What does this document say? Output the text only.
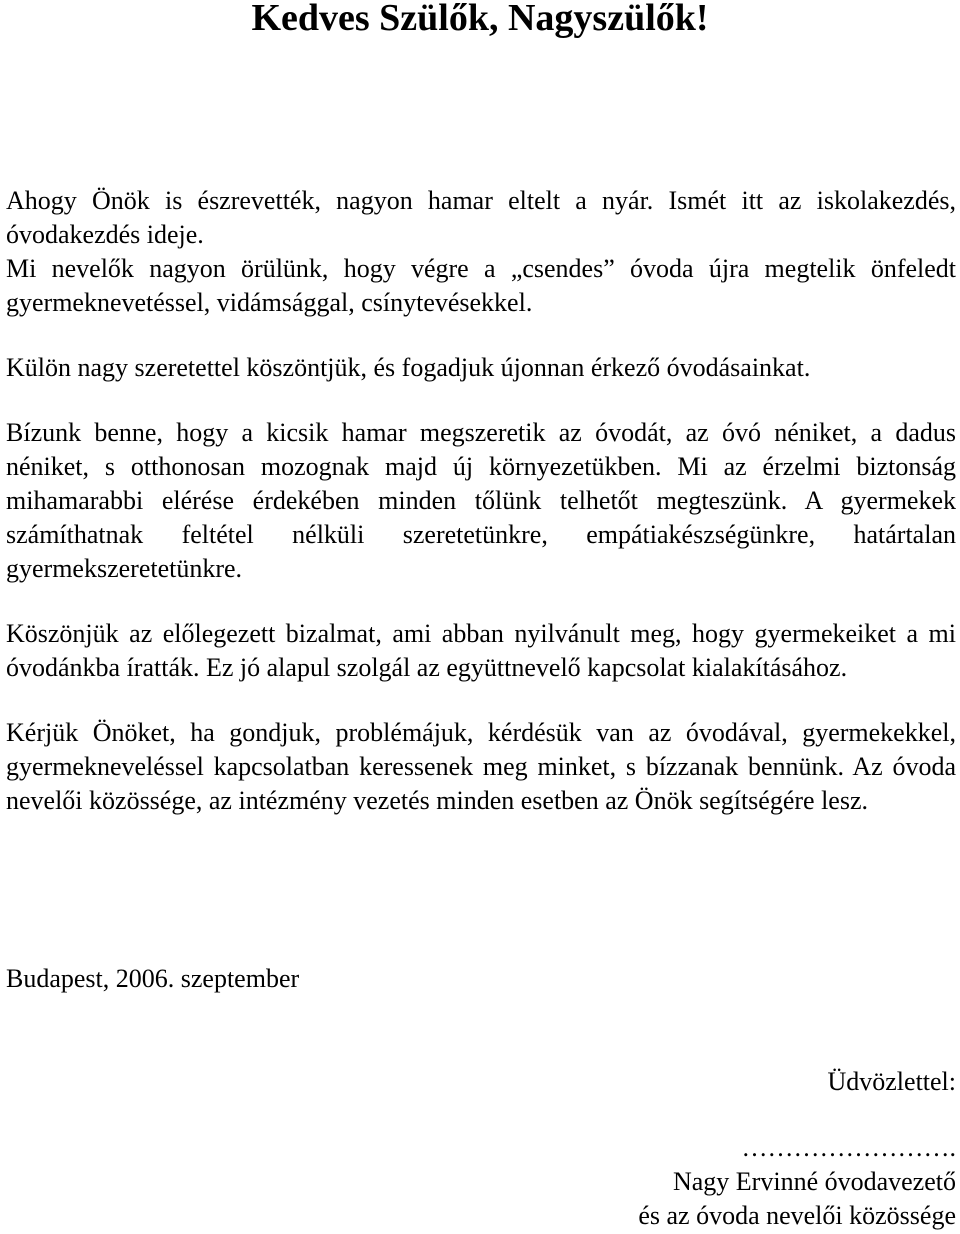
Kedves Szülők, Nagyszülők!
Ahogy Önök is észrevették, nagyon hamar eltelt a nyár. Ismét itt az iskolakezdés, óvodakezdés ideje.
Mi nevelők nagyon örülünk, hogy végre a „csendes” óvoda újra megtelik önfeledt gyermeknevetéssel, vidámsággal, csínytevésekkel.

Külön nagy szeretettel köszöntjük, és fogadjuk újonnan érkező óvodásainkat.

Bízunk benne, hogy a kicsik hamar megszeretik az óvodát, az óvó néniket, a dadus néniket, s otthonosan mozognak majd új környezetükben. Mi az érzelmi biztonság mihamarabbi elérése érdekében minden tőlünk telhetőt megteszünk. A gyermekek számíthatnak feltétel nélküli szeretetünkre, empátiakészségünkre, határtalan gyermekszeretetünkre.

Köszönjük az előlegezett bizalmat, ami abban nyilvánult meg, hogy gyermekeiket a mi óvodánkba íratták. Ez jó alapul szolgál az együttnevelő kapcsolat kialakításához.

Kérjük Önöket, ha gondjuk, problémájuk, kérdésük van az óvodával, gyermekekkel, gyermekneveléssel kapcsolatban keressenek meg minket, s bízzanak bennünk. Az óvoda nevelői közössége, az intézmény vezetés minden esetben az Önök segítségére lesz.

Budapest, 2006. szeptember

Üdvözlettel:
…………………….
Nagy Ervinné óvodavezető
és az óvoda nevelői közössége
